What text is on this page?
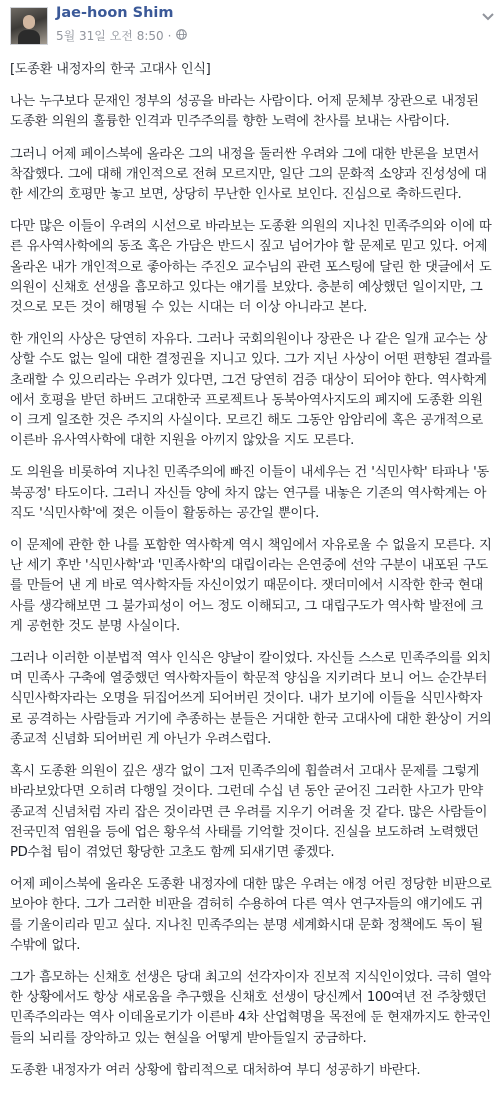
Jae-hoon Shim
5월 31일 오전 8:50 ·

[도종환 내정자의 한국 고대사 인식]

나는 누구보다 문재인 정부의 성공을 바라는 사람이다. 어제 문체부 장관으로 내정된 도종환 의원의 훌륭한 인격과 민주주의를 향한 노력에 찬사를 보내는 사람이다.

그러니 어제 페이스북에 올라온 그의 내정을 둘러싼 우려와 그에 대한 반론을 보면서 착잡했다. 그에 대해 개인적으로 전혀 모르지만, 일단 그의 문화적 소양과 진성성에 대한 세간의 호평만 놓고 보면, 상당히 무난한 인사로 보인다. 진심으로 축하드린다.

다만 많은 이들이 우려의 시선으로 바라보는 도종환 의원의 지나친 민족주의와 이에 따른 유사역사학에의 동조 혹은 가담은 반드시 짚고 넘어가야 할 문제로 믿고 있다. 어제 올라온 내가 개인적으로 좋아하는 주진오 교수님의 관련 포스팅에 달린 한 댓글에서 도 의원이 신채호 선생을 흠모하고 있다는 얘기를 보았다. 충분히 예상했던 일이지만, 그것으로 모든 것이 해명될 수 있는 시대는 더 이상 아니라고 본다.

한 개인의 사상은 당연히 자유다. 그러나 국회의원이나 장관은 나 같은 일개 교수는 상상할 수도 없는 일에 대한 결정권을 지니고 있다. 그가 지닌 사상이 어떤 편향된 결과를 초래할 수 있으리라는 우려가 있다면, 그건 당연히 검증 대상이 되어야 한다. 역사학계에서 호평을 받던 하버드 고대한국 프로젝트나 동북아역사지도의 폐지에 도종환 의원이 크게 일조한 것은 주지의 사실이다. 모르긴 해도 그동안 암암리에 혹은 공개적으로 이른바 유사역사학에 대한 지원을 아끼지 않았을 지도 모른다.

도 의원을 비롯하여 지나친 민족주의에 빠진 이들이 내세우는 건 '식민사학' 타파나 '동북공정' 타도이다. 그러니 자신들 양에 차지 않는 연구를 내놓은 기존의 역사학계는 아직도 '식민사학'에 젖은 이들이 활동하는 공간일 뿐이다.

이 문제에 관한 한 나를 포함한 역사학계 역시 책임에서 자유로울 수 없을지 모른다. 지난 세기 후반 '식민사학'과 '민족사학'의 대립이라는 은연중에 선악 구분이 내포된 구도를 만들어 낸 게 바로 역사학자들 자신이었기 때문이다. 잿더미에서 시작한 한국 현대사를 생각해보면 그 불가피성이 어느 정도 이해되고, 그 대립구도가 역사학 발전에 크게 공헌한 것도 분명 사실이다.

그러나 이러한 이분법적 역사 인식은 양날이 칼이었다. 자신들 스스로 민족주의를 외치며 민족사 구축에 열중했던 역사학자들이 학문적 양심을 지키려다 보니 어느 순간부터 식민사학자라는 오명을 뒤집어쓰게 되어버린 것이다. 내가 보기에 이들을 식민사학자로 공격하는 사람들과 거기에 추종하는 분들은 거대한 한국 고대사에 대한 환상이 거의 종교적 신념화 되어버린 게 아닌가 우려스럽다.

혹시 도종환 의원이 깊은 생각 없이 그저 민족주의에 휩쓸려서 고대사 문제를 그렇게 바라보았다면 오히려 다행일 것이다. 그런데 수십 년 동안 굳어진 그러한 사고가 만약 종교적 신념처럼 자리 잡은 것이라면 큰 우려를 지우기 어려울 것 같다. 많은 사람들이 전국민적 염원을 등에 업은 황우석 사태를 기억할 것이다. 진실을 보도하려 노력했던 PD수첩 팀이 겪었던 황당한 고초도 함께 되새기면 좋겠다.

어제 페이스북에 올라온 도종환 내정자에 대한 많은 우려는 애정 어린 정당한 비판으로 보아야 한다. 그가 그러한 비판을 겸허히 수용하여 다른 역사 연구자들의 얘기에도 귀를 기울이리라 믿고 싶다. 지나친 민족주의는 분명 세계화시대 문화 정책에도 독이 될 수밖에 없다.

그가 흠모하는 신채호 선생은 당대 최고의 선각자이자 진보적 지식인이었다. 극히 열악한 상황에서도 항상 새로움을 추구했을 신채호 선생이 당신께서 100여년 전 주창했던 민족주의라는 역사 이데올로기가 이른바 4차 산업혁명을 목전에 둔 현재까지도 한국인들의 뇌리를 장악하고 있는 현실을 어떻게 받아들일지 궁금하다.

도종환 내정자가 여러 상황에 합리적으로 대처하여 부디 성공하기 바란다.
